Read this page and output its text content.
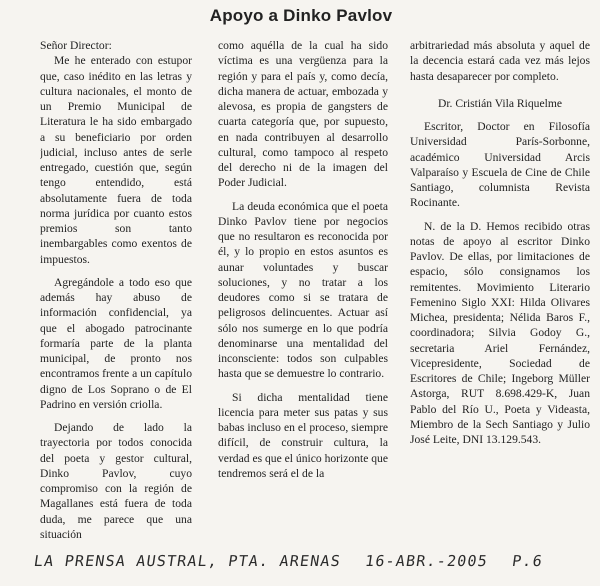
Apoyo a Dinko Pavlov

Señor Director:

Me he enterado con estupor que, caso inédito en las letras y cultura nacionales, el monto de un Premio Municipal de Literatura le ha sido embargado a su beneficiario por orden judicial, incluso antes de serle entregado, cuestión que, según tengo entendido, está absolutamente fuera de toda norma jurídica por cuanto estos premios son tanto inembargables como exentos de impuestos.

Agregándole a todo eso que además hay abuso de información confidencial, ya que el abogado patrocinante formaría parte de la planta municipal, de pronto nos encontramos frente a un capítulo digno de Los Soprano o de El Padrino en versión criolla.

Dejando de lado la trayectoria por todos conocida del poeta y gestor cultural, Dinko Pavlov, cuyo compromiso con la región de Magallanes está fuera de toda duda, me parece que una situación

como aquélla de la cual ha sido víctima es una vergüenza para la región y para el país y, como decía, dicha manera de actuar, embozada y alevosa, es propia de gangsters de cuarta categoría que, por supuesto, en nada contribuyen al desarrollo cultural, como tampoco al respeto del derecho ni de la imagen del Poder Judicial.

La deuda económica que el poeta Dinko Pavlov tiene por negocios que no resultaron es reconocida por él, y lo propio en estos asuntos es aunar voluntades y buscar soluciones, y no tratar a los deudores como si se tratara de peligrosos delincuentes. Actuar así sólo nos sumerge en lo que podría denominarse una mentalidad del inconsciente: todos son culpables hasta que se demuestre lo contrario.

Si dicha mentalidad tiene licencia para meter sus patas y sus babas incluso en el proceso, siempre difícil, de construir cultura, la verdad es que el único horizonte que tendremos será el de la

arbitrariedad más absoluta y aquel de la decencia estará cada vez más lejos hasta desaparecer por completo.

Dr. Cristián Vila Riquelme

Escritor, Doctor en Filosofía Universidad París-Sorbonne, académico Universidad Arcis Valparaíso y Escuela de Cine de Chile Santiago, columnista Revista Rocinante.

N. de la D. Hemos recibido otras notas de apoyo al escritor Dinko Pavlov. De ellas, por limitaciones de espacio, sólo consignamos los remitentes. Movimiento Literario Femenino Siglo XXI: Hilda Olivares Michea, presidenta; Nélida Baros F., coordinadora; Silvia Godoy G., secretaria Ariel Fernández, Vicepresidente, Sociedad de Escritores de Chile; Ingeborg Müller Astorga, RUT 8.698.429-K, Juan Pablo del Río U., Poeta y Videasta, Miembro de la Sech Santiago y Julio José Leite, DNI 13.129.543.

LA PRENSA AUSTRAL, PTA. ARENAS 16-ABR.-2005 P.6
